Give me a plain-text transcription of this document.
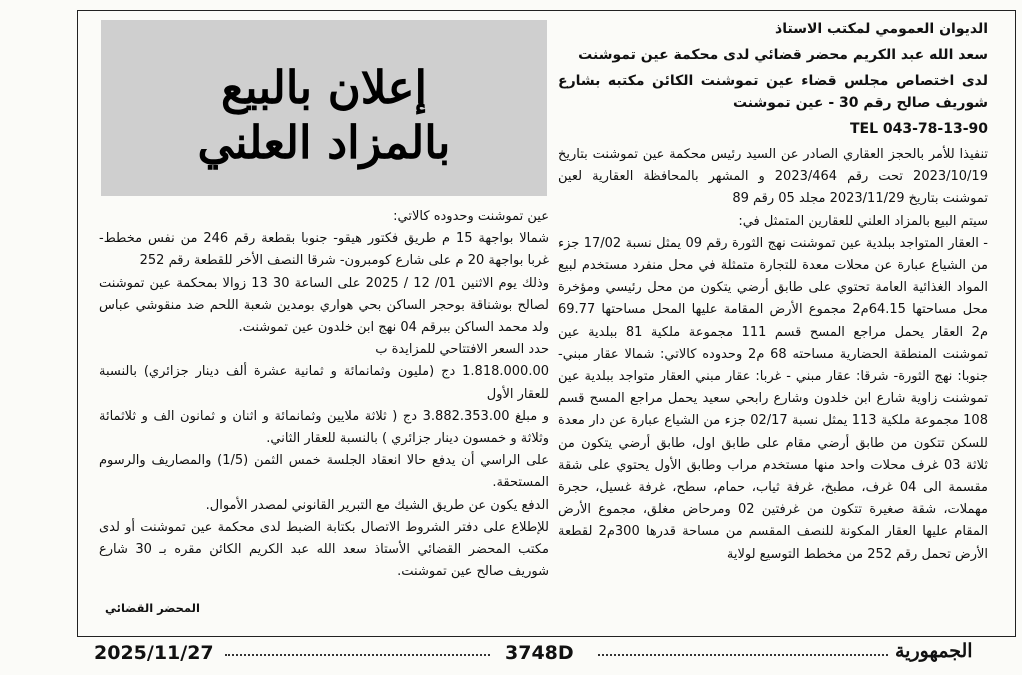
إعلان بالبيع
بالمزاد العلني

الديوان العمومي لمكتب الاستاذ

سعد الله عبد الكريم محضر قضائي لدى محكمة عين تموشنت

لدى اختصاص مجلس قضاء عين تموشنت الكائن مكتبه بشارع شوريف صالح رقم 30 - عين تموشنت

TEL 043-78-13-90

تنفيذا للأمر بالحجز العقاري الصادر عن السيد رئيس محكمة عين تموشنت بتاريخ 2023/10/19 تحت رقم 2023/464 و المشهر بالمحافظة العقارية لعين تموشنت بتاريخ 2023/11/29 مجلد 05 رقم 89

سيتم البيع بالمزاد العلني للعقارين المتمثل في:

- العقار المتواجد ببلدية عين تموشنت نهج الثورة رقم 09 يمثل نسبة 17/02 جزء من الشياع عبارة عن محلات معدة للتجارة متمثلة في محل منفرد مستخدم لبيع المواد الغذائية العامة تحتوي على طابق أرضي يتكون من محل رئيسي ومؤخرة محل مساحتها 64.15م2 مجموع الأرض المقامة عليها المحل مساحتها 69.77 م2 العقار يحمل مراجع المسح قسم 111 مجموعة ملكية 81 ببلدية عين تموشنت المنطقة الحضارية مساحته 68 م2 وحدوده كالاتي: شمالا عقار مبني- جنوبا: نهج الثورة- شرقا: عقار مبني - غربا: عقار مبني العقار متواجد ببلدية عين تموشنت زاوية شارع ابن خلدون وشارع رابحي سعيد يحمل مراجع المسح قسم 108 مجموعة ملكية 113 يمثل نسبة 02/17 جزء من الشياع عبارة عن دار معدة للسكن تتكون من طابق أرضي مقام على طابق اول، طابق أرضي يتكون من ثلاثة 03 غرف محلات واحد منها مستخدم مراب وطابق الأول يحتوي على شقة مقسمة الى 04 غرف، مطبخ، غرفة ثياب، حمام، سطح، غرفة غسيل، حجرة مهملات، شقة صغيرة تتكون من غرفتين 02 ومرحاض مغلق، مجموع الأرض المقام عليها العقار المكونة للنصف المقسم من مساحة قدرها 300م2 لقطعة الأرض تحمل رقم 252 من مخطط التوسيع لولاية

عين تموشنت وحدوده كالاتي:

شمالا بواجهة 15 م طريق فكتور هيقو- جنوبا بقطعة رقم 246 من نفس مخطط- غربا بواجهة 20 م على شارع كومبرون- شرقا النصف الأخر للقطعة رقم 252

وذلك يوم الاثنين 01/ 12 / 2025 على الساعة 30 13 زوالا بمحكمة عين تموشنت لصالح بوشناقة بوحجر الساكن بحي هواري بومدين شعبة اللحم ضد منقوشي عباس ولد محمد الساكن ببرقم 04 نهج ابن خلدون عين تموشنت.

حدد السعر الافتتاحي للمزايدة ب

1.818.000.00 دج (مليون وثمانمائة و ثمانية عشرة ألف دينار جزائري) بالنسبة للعقار الأول

و مبلغ 3.882.353.00 دج ( ثلاثة ملايين وثمانمائة و اثنان و ثمانون الف و ثلاثمائة وثلاثة و خمسون دينار جزائري ) بالنسبة للعقار الثاني.

على الراسي أن يدفع حالا انعقاد الجلسة خمس الثمن (1/5) والمصاريف والرسوم المستحقة.

الدفع يكون عن طريق الشيك مع التبرير القانوني لمصدر الأموال.

للإطلاع على دفتر الشروط الاتصال بكتابة الضبط لدى محكمة عين تموشنت أو لدى مكتب المحضر القضائي الأستاذ سعد الله عبد الكريم الكائن مقره بـ 30 شارع شوريف صالح عين تموشنت.

المحضر القضائي
2025/11/27	3748D	الجمهورية
